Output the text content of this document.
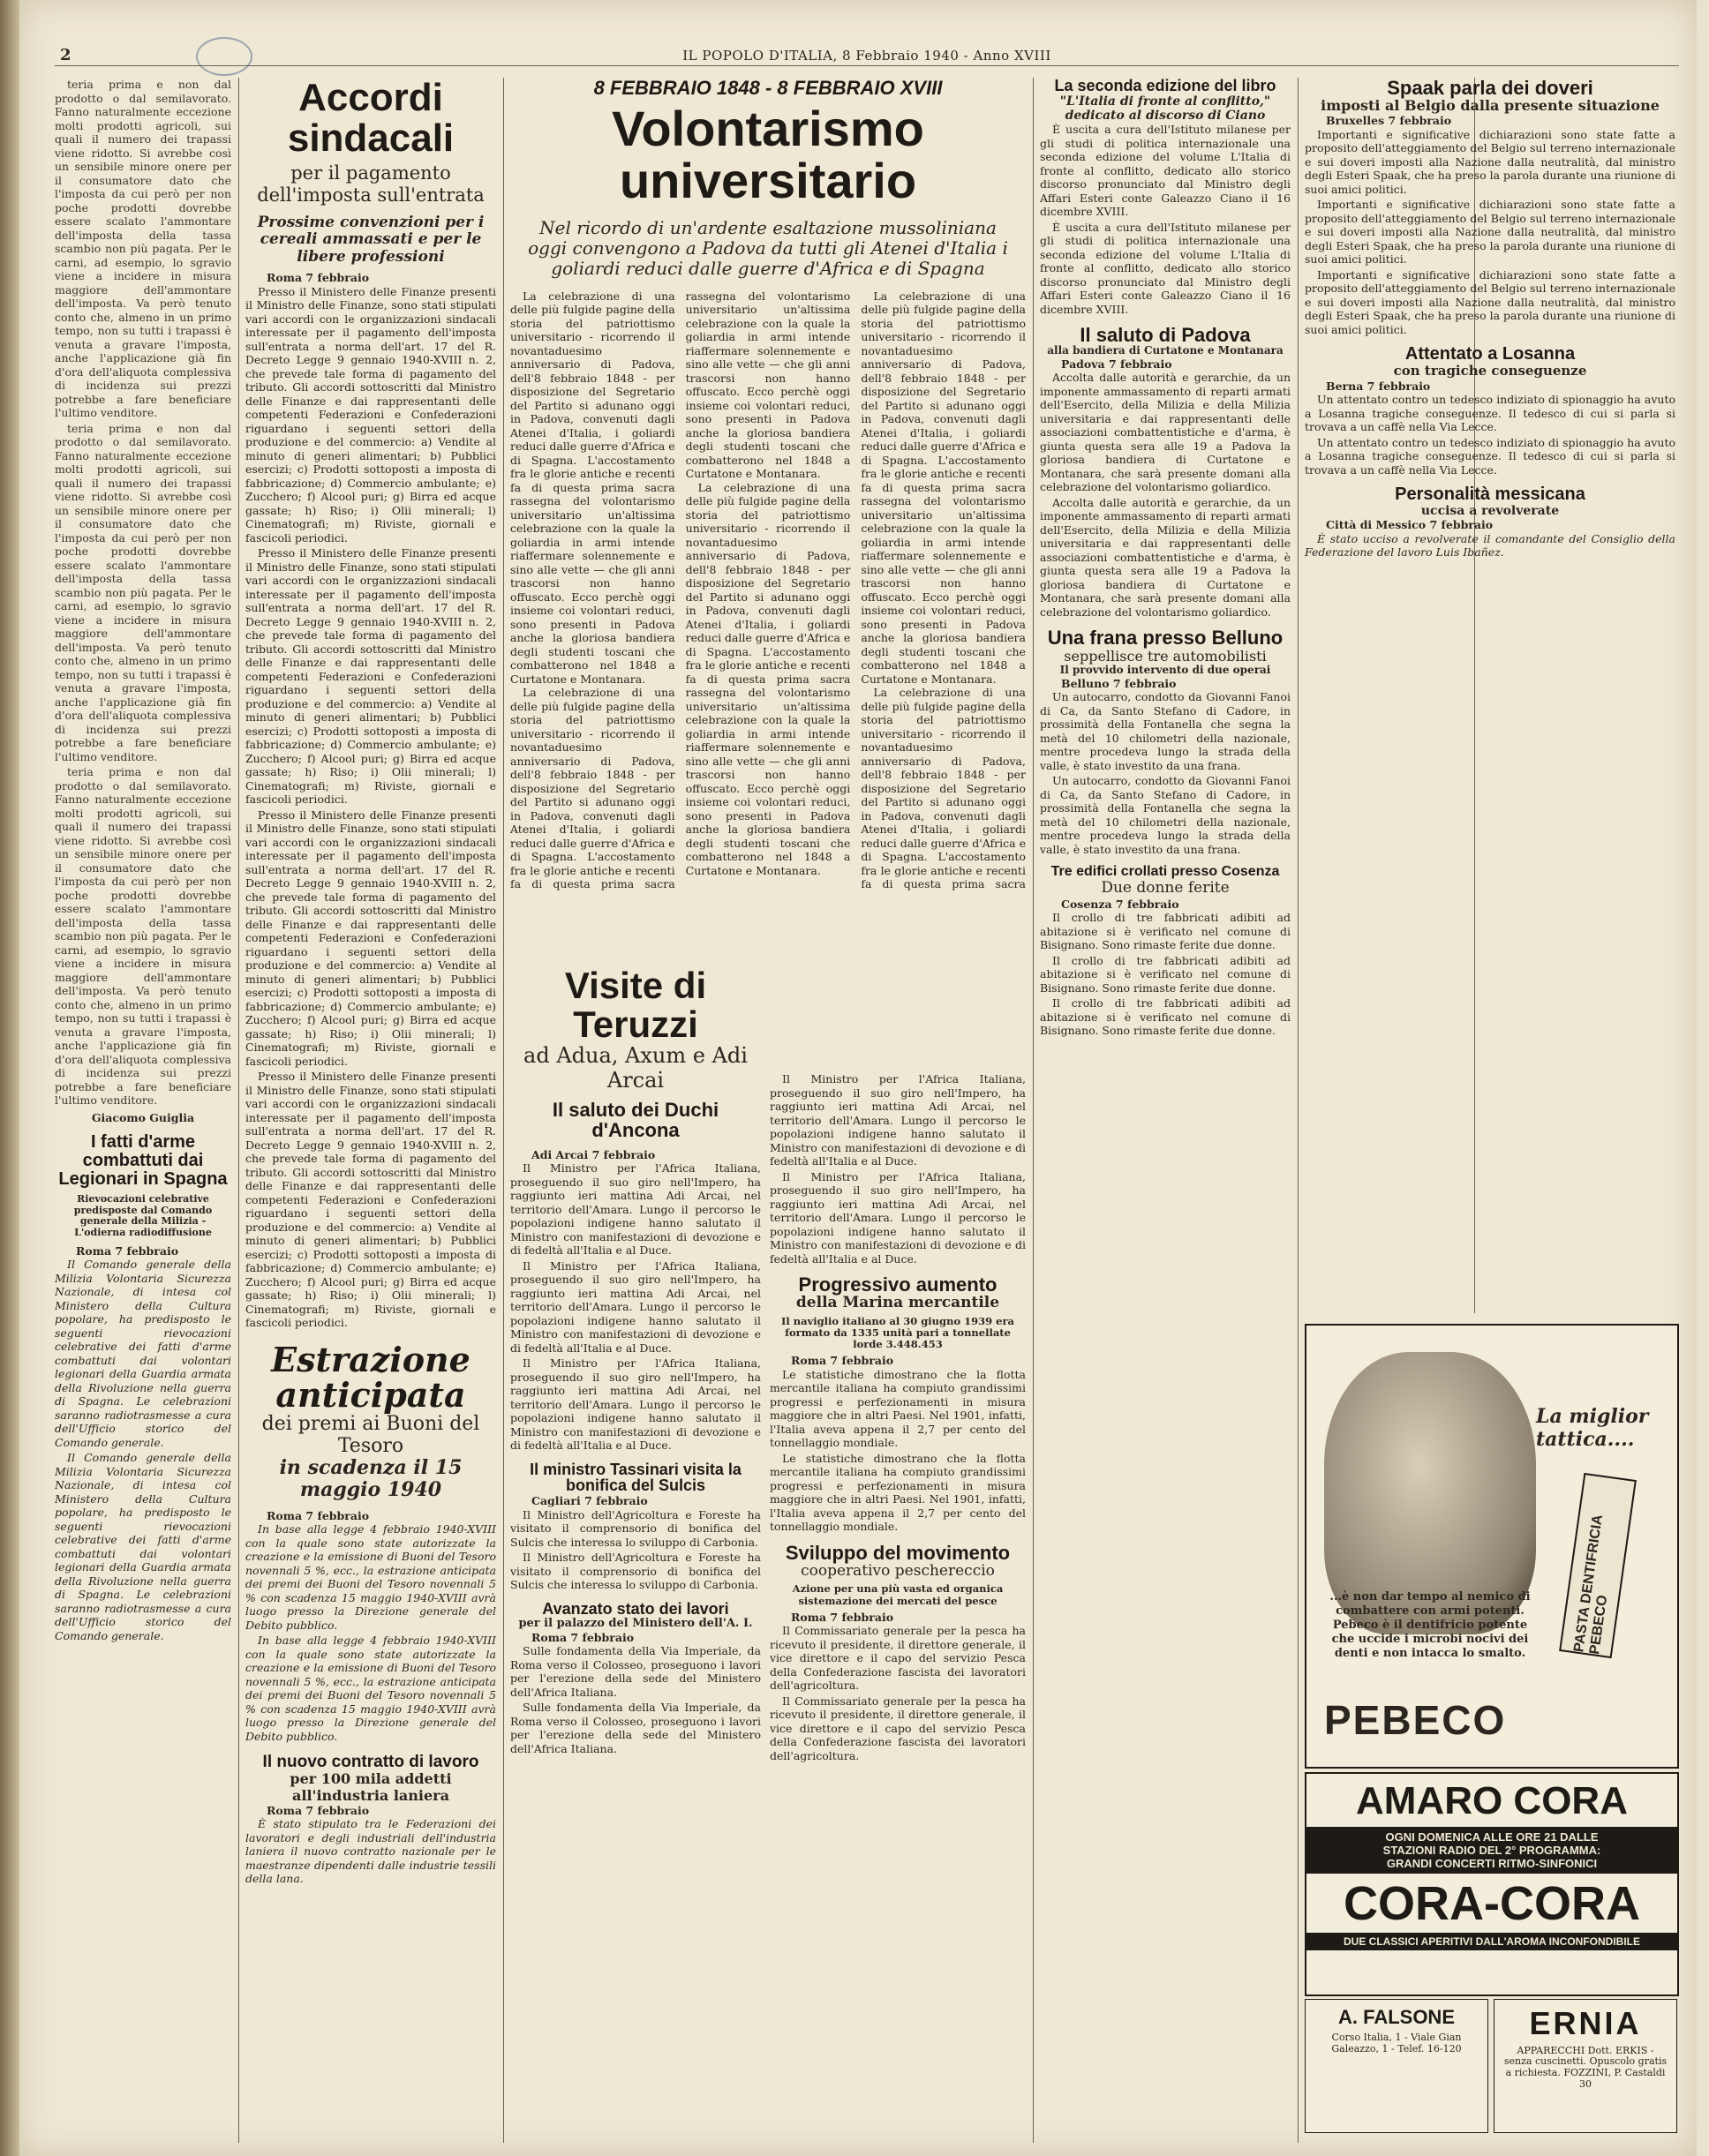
2	IL POPOLO D'ITALIA, 8 Febbraio 1940 - Anno XVIII

teria prima e non dal prodotto o dal semilavorato. Fanno naturalmente eccezione molti prodotti agricoli, sui quali il numero dei trapassi viene ridotto. Si avrebbe così un sensibile minore onere per il consumatore dato che l'imposta da cui però per non poche prodotti dovrebbe essere scalato l'ammontare dell'imposta della tassa scambio non più pagata. Per le carni, ad esempio, lo sgravio viene a incidere in misura maggiore dell'ammontare dell'imposta. Va però tenuto conto che, almeno in un primo tempo, non su tutti i trapassi è venuta a gravare l'imposta, anche l'applicazione già fin d'ora dell'aliquota complessiva di incidenza sui prezzi potrebbe a fare beneficiare l'ultimo venditore.

teria prima e non dal prodotto o dal semilavorato. Fanno naturalmente eccezione molti prodotti agricoli, sui quali il numero dei trapassi viene ridotto. Si avrebbe così un sensibile minore onere per il consumatore dato che l'imposta da cui però per non poche prodotti dovrebbe essere scalato l'ammontare dell'imposta della tassa scambio non più pagata. Per le carni, ad esempio, lo sgravio viene a incidere in misura maggiore dell'ammontare dell'imposta. Va però tenuto conto che, almeno in un primo tempo, non su tutti i trapassi è venuta a gravare l'imposta, anche l'applicazione già fin d'ora dell'aliquota complessiva di incidenza sui prezzi potrebbe a fare beneficiare l'ultimo venditore.

teria prima e non dal prodotto o dal semilavorato. Fanno naturalmente eccezione molti prodotti agricoli, sui quali il numero dei trapassi viene ridotto. Si avrebbe così un sensibile minore onere per il consumatore dato che l'imposta da cui però per non poche prodotti dovrebbe essere scalato l'ammontare dell'imposta della tassa scambio non più pagata. Per le carni, ad esempio, lo sgravio viene a incidere in misura maggiore dell'ammontare dell'imposta. Va però tenuto conto che, almeno in un primo tempo, non su tutti i trapassi è venuta a gravare l'imposta, anche l'applicazione già fin d'ora dell'aliquota complessiva di incidenza sui prezzi potrebbe a fare beneficiare l'ultimo venditore.

Giacomo Guiglia
I fatti d'arme combattuti dai Legionari in Spagna
Rievocazioni celebrative predisposte dal Comando generale della Milizia - L'odierna radiodiffusione
Roma 7 febbraio

Il Comando generale della Milizia Volontaria Sicurezza Nazionale, di intesa col Ministero della Cultura popolare, ha predisposto le seguenti rievocazioni celebrative dei fatti d'arme combattuti dai volontari legionari della Guardia armata della Rivoluzione nella guerra di Spagna. Le celebrazioni saranno radiotrasmesse a cura dell'Ufficio storico del Comando generale.

Il Comando generale della Milizia Volontaria Sicurezza Nazionale, di intesa col Ministero della Cultura popolare, ha predisposto le seguenti rievocazioni celebrative dei fatti d'arme combattuti dai volontari legionari della Guardia armata della Rivoluzione nella guerra di Spagna. Le celebrazioni saranno radiotrasmesse a cura dell'Ufficio storico del Comando generale.

Accordi sindacali
per il pagamento dell'imposta sull'entrata
Prossime convenzioni per i cereali ammassati e per le libere professioni
Roma 7 febbraio

Presso il Ministero delle Finanze presenti il Ministro delle Finanze, sono stati stipulati vari accordi con le organizzazioni sindacali interessate per il pagamento dell'imposta sull'entrata a norma dell'art. 17 del R. Decreto Legge 9 gennaio 1940-XVIII n. 2, che prevede tale forma di pagamento del tributo. Gli accordi sottoscritti dal Ministro delle Finanze e dai rappresentanti delle competenti Federazioni e Confederazioni riguardano i seguenti settori della produzione e del commercio: a) Vendite al minuto di generi alimentari; b) Pubblici esercizi; c) Prodotti sottoposti a imposta di fabbricazione; d) Commercio ambulante; e) Zucchero; f) Alcool puri; g) Birra ed acque gassate; h) Riso; i) Olii minerali; l) Cinematografi; m) Riviste, giornali e fascicoli periodici.

Presso il Ministero delle Finanze presenti il Ministro delle Finanze, sono stati stipulati vari accordi con le organizzazioni sindacali interessate per il pagamento dell'imposta sull'entrata a norma dell'art. 17 del R. Decreto Legge 9 gennaio 1940-XVIII n. 2, che prevede tale forma di pagamento del tributo. Gli accordi sottoscritti dal Ministro delle Finanze e dai rappresentanti delle competenti Federazioni e Confederazioni riguardano i seguenti settori della produzione e del commercio: a) Vendite al minuto di generi alimentari; b) Pubblici esercizi; c) Prodotti sottoposti a imposta di fabbricazione; d) Commercio ambulante; e) Zucchero; f) Alcool puri; g) Birra ed acque gassate; h) Riso; i) Olii minerali; l) Cinematografi; m) Riviste, giornali e fascicoli periodici.

Presso il Ministero delle Finanze presenti il Ministro delle Finanze, sono stati stipulati vari accordi con le organizzazioni sindacali interessate per il pagamento dell'imposta sull'entrata a norma dell'art. 17 del R. Decreto Legge 9 gennaio 1940-XVIII n. 2, che prevede tale forma di pagamento del tributo. Gli accordi sottoscritti dal Ministro delle Finanze e dai rappresentanti delle competenti Federazioni e Confederazioni riguardano i seguenti settori della produzione e del commercio: a) Vendite al minuto di generi alimentari; b) Pubblici esercizi; c) Prodotti sottoposti a imposta di fabbricazione; d) Commercio ambulante; e) Zucchero; f) Alcool puri; g) Birra ed acque gassate; h) Riso; i) Olii minerali; l) Cinematografi; m) Riviste, giornali e fascicoli periodici.

Presso il Ministero delle Finanze presenti il Ministro delle Finanze, sono stati stipulati vari accordi con le organizzazioni sindacali interessate per il pagamento dell'imposta sull'entrata a norma dell'art. 17 del R. Decreto Legge 9 gennaio 1940-XVIII n. 2, che prevede tale forma di pagamento del tributo. Gli accordi sottoscritti dal Ministro delle Finanze e dai rappresentanti delle competenti Federazioni e Confederazioni riguardano i seguenti settori della produzione e del commercio: a) Vendite al minuto di generi alimentari; b) Pubblici esercizi; c) Prodotti sottoposti a imposta di fabbricazione; d) Commercio ambulante; e) Zucchero; f) Alcool puri; g) Birra ed acque gassate; h) Riso; i) Olii minerali; l) Cinematografi; m) Riviste, giornali e fascicoli periodici.

Estrazione anticipata
dei premi ai Buoni del Tesoro
in scadenza il 15 maggio 1940
Roma 7 febbraio

In base alla legge 4 febbraio 1940-XVIII con la quale sono state autorizzate la creazione e la emissione di Buoni del Tesoro novennali 5 %, ecc., la estrazione anticipata dei premi dei Buoni del Tesoro novennali 5 % con scadenza 15 maggio 1940-XVIII avrà luogo presso la Direzione generale del Debito pubblico.

In base alla legge 4 febbraio 1940-XVIII con la quale sono state autorizzate la creazione e la emissione di Buoni del Tesoro novennali 5 %, ecc., la estrazione anticipata dei premi dei Buoni del Tesoro novennali 5 % con scadenza 15 maggio 1940-XVIII avrà luogo presso la Direzione generale del Debito pubblico.

Il nuovo contratto di lavoro
per 100 mila addetti all'industria laniera
Roma 7 febbraio

È stato stipulato tra le Federazioni dei lavoratori e degli industriali dell'industria laniera il nuovo contratto nazionale per le maestranze dipendenti dalle industrie tessili della lana.

8 FEBBRAIO 1848 - 8 FEBBRAIO XVIII
Volontarismo universitario
Nel ricordo di un'ardente esaltazione mussoliniana oggi convengono a Padova da tutti gli Atenei d'Italia i goliardi reduci dalle guerre d'Africa e di Spagna

La celebrazione di una delle più fulgide pagine della storia del patriottismo universitario - ricorrendo il novantaduesimo anniversario di Padova, dell'8 febbraio 1848 - per disposizione del Segretario del Partito si adunano oggi in Padova, convenuti dagli Atenei d'Italia, i goliardi reduci dalle guerre d'Africa e di Spagna. L'accostamento fra le glorie antiche e recenti fa di questa prima sacra rassegna del volontarismo universitario un'altissima celebrazione con la quale la goliardia in armi intende riaffermare solennemente e sino alle vette — che gli anni trascorsi non hanno offuscato. Ecco perchè oggi insieme coi volontari reduci, sono presenti in Padova anche la gloriosa bandiera degli studenti toscani che combatterono nel 1848 a Curtatone e Montanara.

La celebrazione di una delle più fulgide pagine della storia del patriottismo universitario - ricorrendo il novantaduesimo anniversario di Padova, dell'8 febbraio 1848 - per disposizione del Segretario del Partito si adunano oggi in Padova, convenuti dagli Atenei d'Italia, i goliardi reduci dalle guerre d'Africa e di Spagna. L'accostamento fra le glorie antiche e recenti fa di questa prima sacra rassegna del volontarismo universitario un'altissima celebrazione con la quale la goliardia in armi intende riaffermare solennemente e sino alle vette — che gli anni trascorsi non hanno offuscato. Ecco perchè oggi insieme coi volontari reduci, sono presenti in Padova anche la gloriosa bandiera degli studenti toscani che combatterono nel 1848 a Curtatone e Montanara.

La celebrazione di una delle più fulgide pagine della storia del patriottismo universitario - ricorrendo il novantaduesimo anniversario di Padova, dell'8 febbraio 1848 - per disposizione del Segretario del Partito si adunano oggi in Padova, convenuti dagli Atenei d'Italia, i goliardi reduci dalle guerre d'Africa e di Spagna. L'accostamento fra le glorie antiche e recenti fa di questa prima sacra rassegna del volontarismo universitario un'altissima celebrazione con la quale la goliardia in armi intende riaffermare solennemente e sino alle vette — che gli anni trascorsi non hanno offuscato. Ecco perchè oggi insieme coi volontari reduci, sono presenti in Padova anche la gloriosa bandiera degli studenti toscani che combatterono nel 1848 a Curtatone e Montanara.

La celebrazione di una delle più fulgide pagine della storia del patriottismo universitario - ricorrendo il novantaduesimo anniversario di Padova, dell'8 febbraio 1848 - per disposizione del Segretario del Partito si adunano oggi in Padova, convenuti dagli Atenei d'Italia, i goliardi reduci dalle guerre d'Africa e di Spagna. L'accostamento fra le glorie antiche e recenti fa di questa prima sacra rassegna del volontarismo universitario un'altissima celebrazione con la quale la goliardia in armi intende riaffermare solennemente e sino alle vette — che gli anni trascorsi non hanno offuscato. Ecco perchè oggi insieme coi volontari reduci, sono presenti in Padova anche la gloriosa bandiera degli studenti toscani che combatterono nel 1848 a Curtatone e Montanara.

La celebrazione di una delle più fulgide pagine della storia del patriottismo universitario - ricorrendo il novantaduesimo anniversario di Padova, dell'8 febbraio 1848 - per disposizione del Segretario del Partito si adunano oggi in Padova, convenuti dagli Atenei d'Italia, i goliardi reduci dalle guerre d'Africa e di Spagna. L'accostamento fra le glorie antiche e recenti fa di questa prima sacra

Visite di Teruzzi
ad Adua, Axum e Adi Arcai
Il saluto dei Duchi d'Ancona
Adi Arcai 7 febbraio

Il Ministro per l'Africa Italiana, proseguendo il suo giro nell'Impero, ha raggiunto ieri mattina Adi Arcai, nel territorio dell'Amara. Lungo il percorso le popolazioni indigene hanno salutato il Ministro con manifestazioni di devozione e di fedeltà all'Italia e al Duce.

Il Ministro per l'Africa Italiana, proseguendo il suo giro nell'Impero, ha raggiunto ieri mattina Adi Arcai, nel territorio dell'Amara. Lungo il percorso le popolazioni indigene hanno salutato il Ministro con manifestazioni di devozione e di fedeltà all'Italia e al Duce.

Il Ministro per l'Africa Italiana, proseguendo il suo giro nell'Impero, ha raggiunto ieri mattina Adi Arcai, nel territorio dell'Amara. Lungo il percorso le popolazioni indigene hanno salutato il Ministro con manifestazioni di devozione e di fedeltà all'Italia e al Duce.

Il ministro Tassinari visita la bonifica del Sulcis
Cagliari 7 febbraio

Il Ministro dell'Agricoltura e Foreste ha visitato il comprensorio di bonifica del Sulcis che interessa lo sviluppo di Carbonia.

Il Ministro dell'Agricoltura e Foreste ha visitato il comprensorio di bonifica del Sulcis che interessa lo sviluppo di Carbonia.

Avanzato stato dei lavori
per il palazzo del Ministero dell'A. I.
Roma 7 febbraio

Sulle fondamenta della Via Imperiale, da Roma verso il Colosseo, proseguono i lavori per l'erezione della sede del Ministero dell'Africa Italiana.

Sulle fondamenta della Via Imperiale, da Roma verso il Colosseo, proseguono i lavori per l'erezione della sede del Ministero dell'Africa Italiana.

Il Ministro per l'Africa Italiana, proseguendo il suo giro nell'Impero, ha raggiunto ieri mattina Adi Arcai, nel territorio dell'Amara. Lungo il percorso le popolazioni indigene hanno salutato il Ministro con manifestazioni di devozione e di fedeltà all'Italia e al Duce.

Il Ministro per l'Africa Italiana, proseguendo il suo giro nell'Impero, ha raggiunto ieri mattina Adi Arcai, nel territorio dell'Amara. Lungo il percorso le popolazioni indigene hanno salutato il Ministro con manifestazioni di devozione e di fedeltà all'Italia e al Duce.

Progressivo aumento
della Marina mercantile
Il naviglio italiano al 30 giugno 1939 era formato da 1335 unità pari a tonnellate lorde 3.448.453
Roma 7 febbraio

Le statistiche dimostrano che la flotta mercantile italiana ha compiuto grandissimi progressi e perfezionamenti in misura maggiore che in altri Paesi. Nel 1901, infatti, l'Italia aveva appena il 2,7 per cento del tonnellaggio mondiale.

Le statistiche dimostrano che la flotta mercantile italiana ha compiuto grandissimi progressi e perfezionamenti in misura maggiore che in altri Paesi. Nel 1901, infatti, l'Italia aveva appena il 2,7 per cento del tonnellaggio mondiale.

Sviluppo del movimento
cooperativo peschereccio
Azione per una più vasta ed organica sistemazione dei mercati del pesce
Roma 7 febbraio

Il Commissariato generale per la pesca ha ricevuto il presidente, il direttore generale, il vice direttore e il capo del servizio Pesca della Confederazione fascista dei lavoratori dell'agricoltura.

Il Commissariato generale per la pesca ha ricevuto il presidente, il direttore generale, il vice direttore e il capo del servizio Pesca della Confederazione fascista dei lavoratori dell'agricoltura.

La seconda edizione del libro
"L'Italia di fronte al conflitto," dedicato al discorso di Ciano

È uscita a cura dell'Istituto milanese per gli studi di politica internazionale una seconda edizione del volume L'Italia di fronte al conflitto, dedicato allo storico discorso pronunciato dal Ministro degli Affari Esteri conte Galeazzo Ciano il 16 dicembre XVIII.

È uscita a cura dell'Istituto milanese per gli studi di politica internazionale una seconda edizione del volume L'Italia di fronte al conflitto, dedicato allo storico discorso pronunciato dal Ministro degli Affari Esteri conte Galeazzo Ciano il 16 dicembre XVIII.

Il saluto di Padova
alla bandiera di Curtatone e Montanara
Padova 7 febbraio

Accolta dalle autorità e gerarchie, da un imponente ammassamento di reparti armati dell'Esercito, della Milizia e della Milizia universitaria e dai rappresentanti delle associazioni combattentistiche e d'arma, è giunta questa sera alle 19 a Padova la gloriosa bandiera di Curtatone e Montanara, che sarà presente domani alla celebrazione del volontarismo goliardico.

Accolta dalle autorità e gerarchie, da un imponente ammassamento di reparti armati dell'Esercito, della Milizia e della Milizia universitaria e dai rappresentanti delle associazioni combattentistiche e d'arma, è giunta questa sera alle 19 a Padova la gloriosa bandiera di Curtatone e Montanara, che sarà presente domani alla celebrazione del volontarismo goliardico.

Una frana presso Belluno
seppellisce tre automobilisti
Il provvido intervento di due operai
Belluno 7 febbraio

Un autocarro, condotto da Giovanni Fanoi di Ca, da Santo Stefano di Cadore, in prossimità della Fontanella che segna la metà del 10 chilometri della nazionale, mentre procedeva lungo la strada della valle, è stato investito da una frana.

Un autocarro, condotto da Giovanni Fanoi di Ca, da Santo Stefano di Cadore, in prossimità della Fontanella che segna la metà del 10 chilometri della nazionale, mentre procedeva lungo la strada della valle, è stato investito da una frana.

Tre edifici crollati presso Cosenza
Due donne ferite
Cosenza 7 febbraio

Il crollo di tre fabbricati adibiti ad abitazione si è verificato nel comune di Bisignano. Sono rimaste ferite due donne.

Il crollo di tre fabbricati adibiti ad abitazione si è verificato nel comune di Bisignano. Sono rimaste ferite due donne.

Il crollo di tre fabbricati adibiti ad abitazione si è verificato nel comune di Bisignano. Sono rimaste ferite due donne.

Spaak parla dei doveri
imposti al Belgio dalla presente situazione
Bruxelles 7 febbraio

Importanti e significative dichiarazioni sono state fatte a proposito dell'atteggiamento del Belgio sul terreno internazionale e sui doveri imposti alla Nazione dalla neutralità, dal ministro degli Esteri Spaak, che ha preso la parola durante una riunione di suoi amici politici.

Importanti e significative dichiarazioni sono state fatte a proposito dell'atteggiamento del Belgio sul terreno internazionale e sui doveri imposti alla Nazione dalla neutralità, dal ministro degli Esteri Spaak, che ha preso la parola durante una riunione di suoi amici politici.

Importanti e significative dichiarazioni sono state fatte a proposito dell'atteggiamento del Belgio sul terreno internazionale e sui doveri imposti alla Nazione dalla neutralità, dal ministro degli Esteri Spaak, che ha preso la parola durante una riunione di suoi amici politici.

Attentato a Losanna
con tragiche conseguenze
Berna 7 febbraio

Un attentato contro un tedesco indiziato di spionaggio ha avuto a Losanna tragiche conseguenze. Il tedesco di cui si parla si trovava a un caffè nella Via Lecce.

Un attentato contro un tedesco indiziato di spionaggio ha avuto a Losanna tragiche conseguenze. Il tedesco di cui si parla si trovava a un caffè nella Via Lecce.

Personalità messicana
uccisa a revolverate
Città di Messico 7 febbraio

È stato ucciso a revolverate il comandante del Consiglio della Federazione del lavoro Luis Ibañez.

La miglior tattica....
PASTA DENTIFRICIA PEBECO
...è non dar tempo al nemico di combattere con armi potenti. Pebeco è il dentifricio potente che uccide i microbi nocivi dei denti e non intacca lo smalto.
PEBECO
AMARO CORA
OGNI DOMENICA ALLE ORE 21 DALLE
STAZIONI RADIO DEL 2° PROGRAMMA:
GRANDI CONCERTI RITMO-SINFONICI
CORA-CORA
DUE CLASSICI APERITIVI DALL'AROMA INCONFONDIBILE
A. FALSONE
Corso Italia, 1 - Viale Gian Galeazzo, 1 - Telef. 16-120
ERNIA
APPARECCHI Dott. ERKIS - senza cuscinetti. Opuscolo gratis a richiesta. FOZZINI, P. Castaldi 30
